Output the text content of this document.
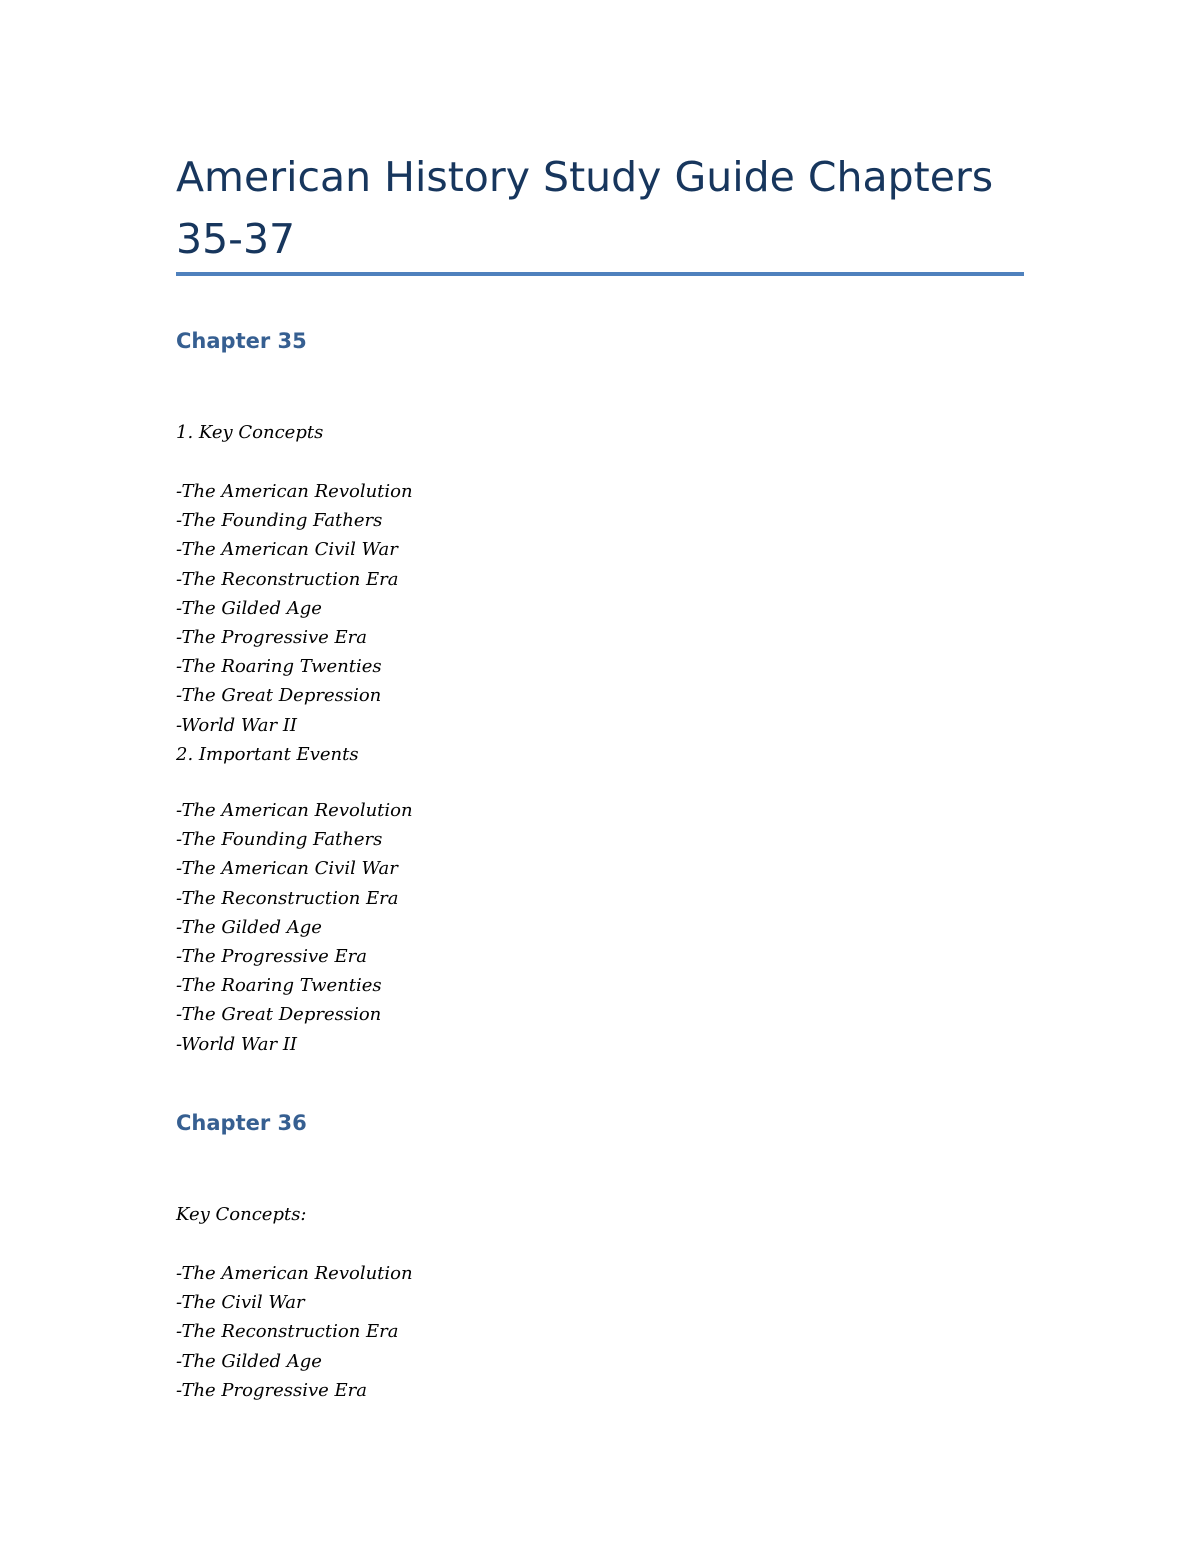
American History Study Guide Chapters 35-37
Chapter 35

1. Key Concepts

-The American Revolution
-The Founding Fathers
-The American Civil War
-The Reconstruction Era
-The Gilded Age
-The Progressive Era
-The Roaring Twenties
-The Great Depression
-World War II
2. Important Events
-The American Revolution
-The Founding Fathers
-The American Civil War
-The Reconstruction Era
-The Gilded Age
-The Progressive Era
-The Roaring Twenties
-The Great Depression
-World War II
Chapter 36

Key Concepts:

-The American Revolution
-The Civil War
-The Reconstruction Era
-The Gilded Age
-The Progressive Era
